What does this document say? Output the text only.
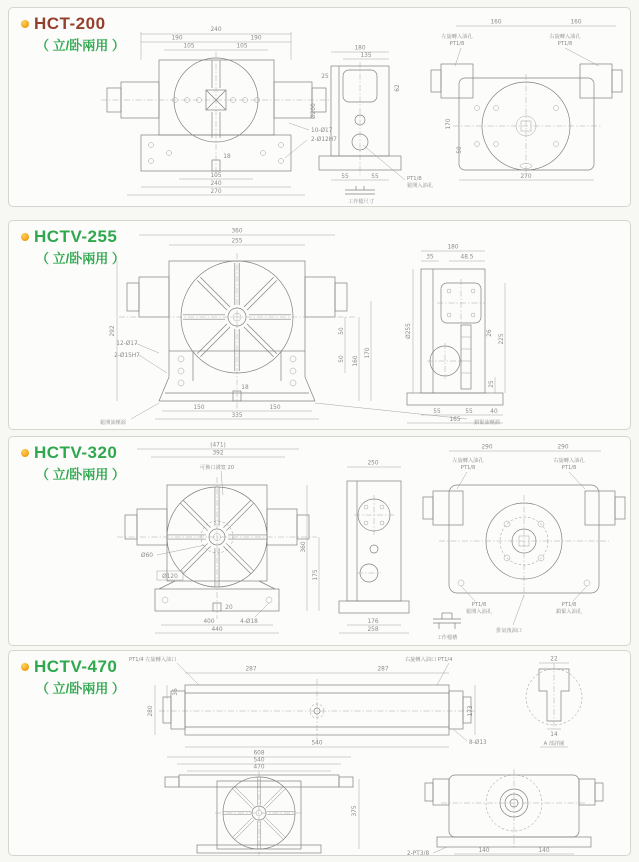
HCT-200
（ 立/卧兩用 ）
240
190	190
105	105
10-Ø17
2-Ø12H7
18
105
240
270
180
135
25
Ø200
62
55	55	PT1/8
鬆開入油孔
工作檯尺寸
160	160
左旋轉入油孔
PT1/8
右旋轉入油孔
PT1/8
170
50
270
HCTV-255
（ 立/卧兩用 ）
360
255
292
12-Ø17
2-Ø15H7
50
50 160
170
18
150	150
335
鬆開油壓源	鎖緊油壓源
180
35	48.5
Ø255
225
26
25
55	55	40
165
HCTV-320
（ 立/卧兩用 ）
(471)
392
可換口溝寬 20
Ø60
Ø120
360
175
20
4-Ø18
400
440
250
176
258
290	290
左旋轉入油孔
PT1/8
右旋轉入油孔
PT1/8
PT1/8
鬆開入油孔
PT1/8
鎖緊入油孔
排氣洩油口
工作檯槽
HCTV-470
（ 立/卧兩用 ）
PT1/4 左旋轉入油口	右旋轉入油口 PT1/4
287	287
280
36
540
173
8-Ø13
22
14
A 部詳圖
608
540
470
375
2-PT3/8	140	140
